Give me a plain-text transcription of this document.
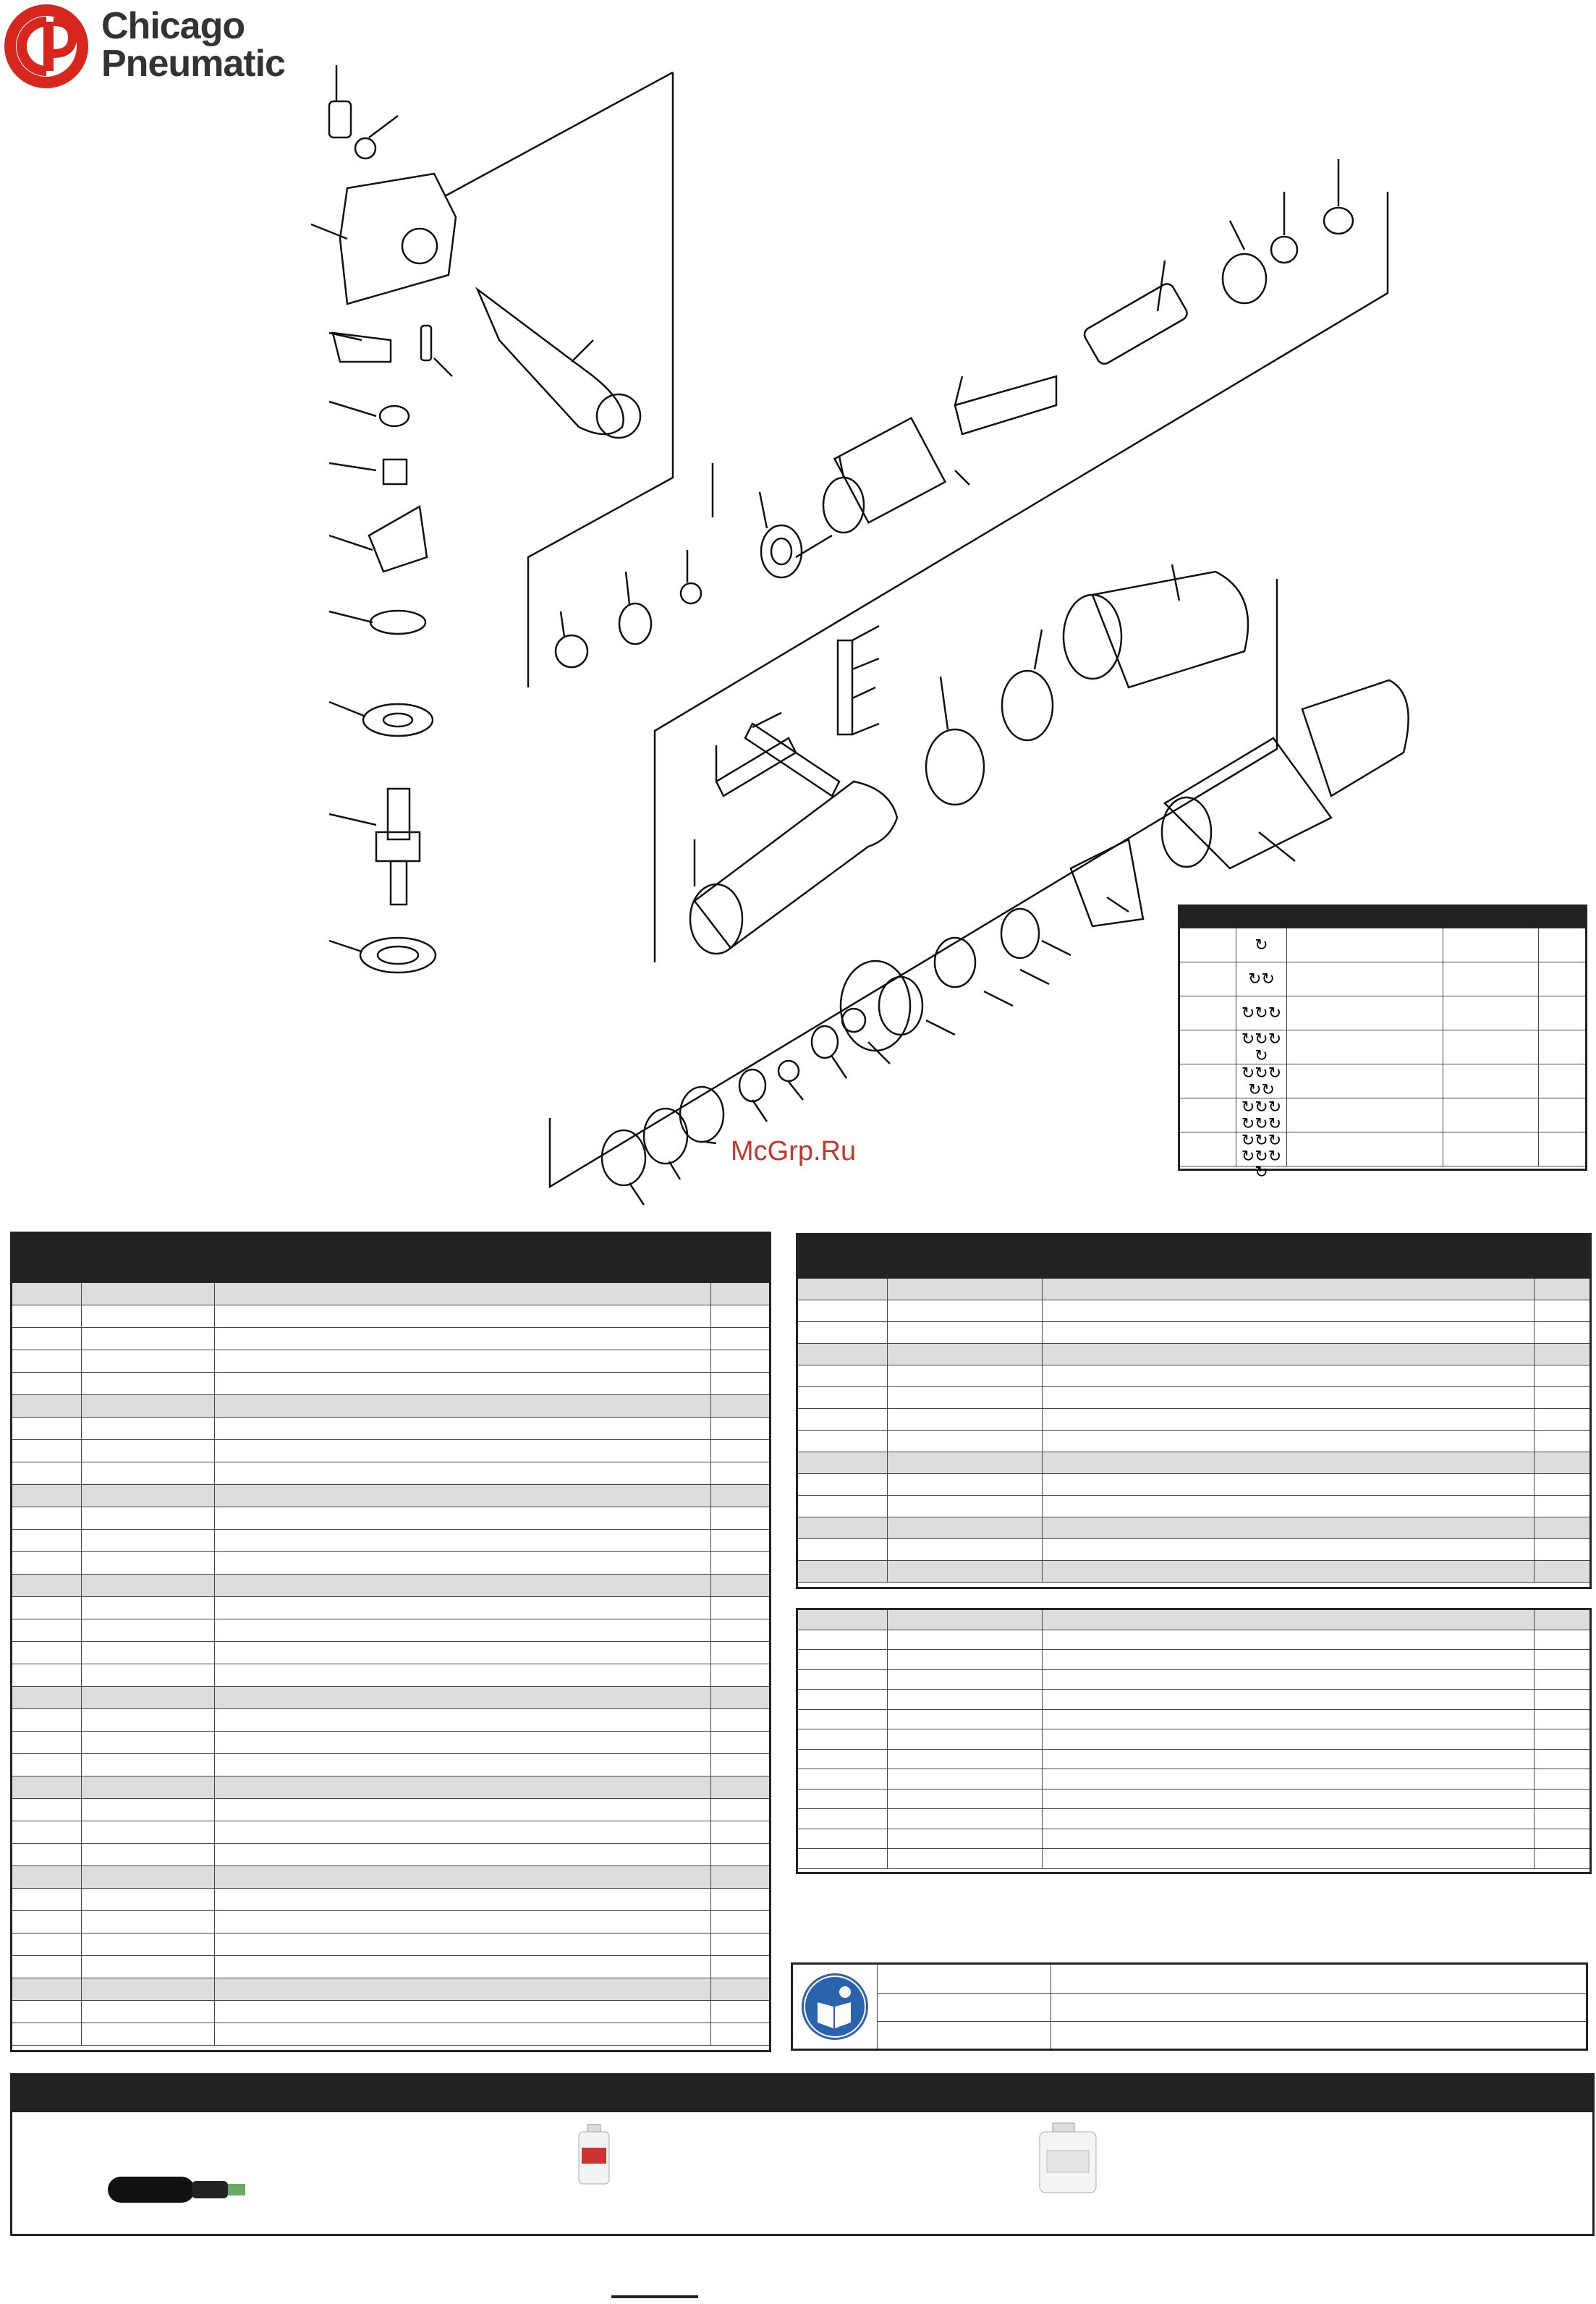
Chicago
Pneumatic
McGrp.Ru
↻
↻ ↻
↻ ↻ ↻
↻ ↻ ↻
↻
↻ ↻ ↻
↻ ↻
↻ ↻ ↻
↻ ↻ ↻
↻ ↻ ↻
↻ ↻ ↻
↻
